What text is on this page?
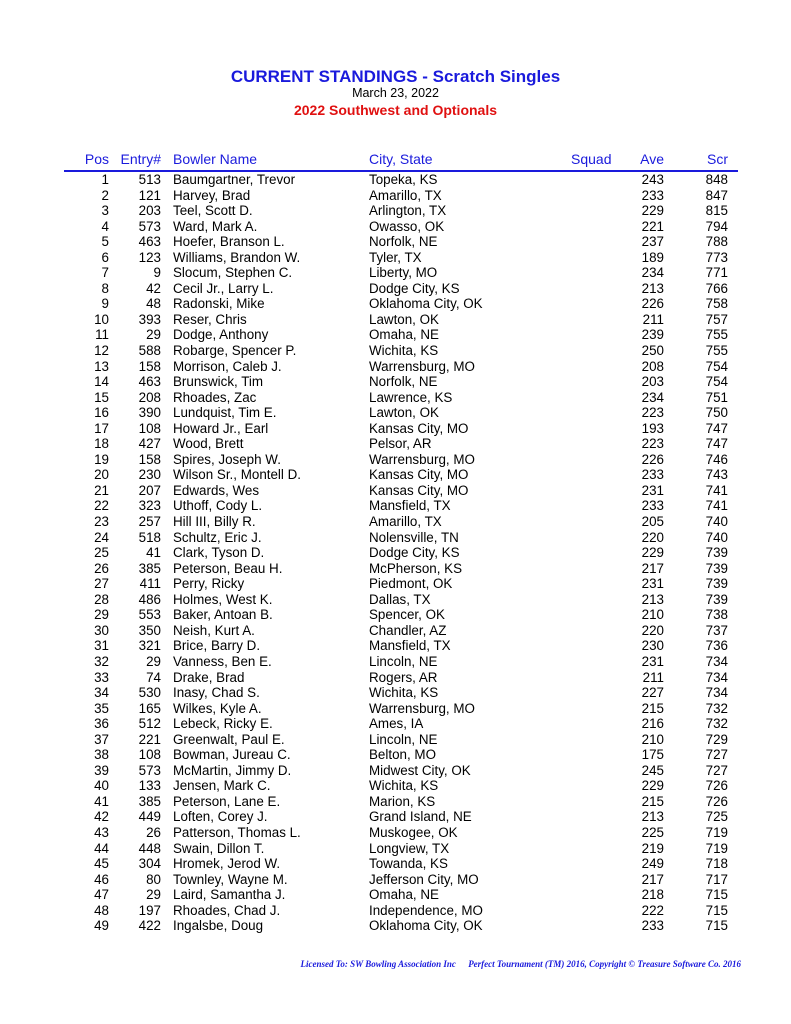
CURRENT STANDINGS - Scratch Singles
March 23, 2022
2022 Southwest and Optionals
Pos Entry# Bowler Name	City, State	Squad Ave	Scr
1 513 Baumgartner, Trevor	Topeka, KS	243	848
2 121 Harvey, Brad	Amarillo, TX	233	847
3 203 Teel, Scott D.	Arlington, TX	229	815
4 573 Ward, Mark A.	Owasso, OK	221	794
5 463 Hoefer, Branson L.	Norfolk, NE	237	788
6 123 Williams, Brandon W.	Tyler, TX	189	773
7	9 Slocum, Stephen C.	Liberty, MO	234	771
8	42 Cecil Jr., Larry L.	Dodge City, KS	213	766
9	48 Radonski, Mike	Oklahoma City, OK	226	758
10 393 Reser, Chris	Lawton, OK	211	757
11	29 Dodge, Anthony	Omaha, NE	239	755
12 588 Robarge, Spencer P.	Wichita, KS	250	755
13 158 Morrison, Caleb J.	Warrensburg, MO	208	754
14 463 Brunswick, Tim	Norfolk, NE	203	754
15 208 Rhoades, Zac	Lawrence, KS	234	751
16 390 Lundquist, Tim E.	Lawton, OK	223	750
17 108 Howard Jr., Earl	Kansas City, MO	193	747
18 427 Wood, Brett	Pelsor, AR	223	747
19 158 Spires, Joseph W.	Warrensburg, MO	226	746
20 230 Wilson Sr., Montell D.	Kansas City, MO	233	743
21 207 Edwards, Wes	Kansas City, MO	231	741
22 323 Uthoff, Cody L.	Mansfield, TX	233	741
23 257 Hill III, Billy R.	Amarillo, TX	205	740
24 518 Schultz, Eric J.	Nolensville, TN	220	740
25	41 Clark, Tyson D.	Dodge City, KS	229	739
26 385 Peterson, Beau H.	McPherson, KS	217	739
27 411 Perry, Ricky	Piedmont, OK	231	739
28 486 Holmes, West K.	Dallas, TX	213	739
29 553 Baker, Antoan B.	Spencer, OK	210	738
30 350 Neish, Kurt A.	Chandler, AZ	220	737
31 321 Brice, Barry D.	Mansfield, TX	230	736
32	29 Vanness, Ben E.	Lincoln, NE	231	734
33	74 Drake, Brad	Rogers, AR	211	734
34 530 Inasy, Chad S.	Wichita, KS	227	734
35 165 Wilkes, Kyle A.	Warrensburg, MO	215	732
36 512 Lebeck, Ricky E.	Ames, IA	216	732
37 221 Greenwalt, Paul E.	Lincoln, NE	210	729
38 108 Bowman, Jureau C.	Belton, MO	175	727
39 573 McMartin, Jimmy D.	Midwest City, OK	245	727
40 133 Jensen, Mark C.	Wichita, KS	229	726
41 385 Peterson, Lane E.	Marion, KS	215	726
42 449 Loften, Corey J.	Grand Island, NE	213	725
43	26 Patterson, Thomas L.	Muskogee, OK	225	719
44 448 Swain, Dillon T.	Longview, TX	219	719
45 304 Hromek, Jerod W.	Towanda, KS	249	718
46	80 Townley, Wayne M.	Jefferson City, MO	217	717
47	29 Laird, Samantha J.	Omaha, NE	218	715
48 197 Rhoades, Chad J.	Independence, MO	222	715
49 422 Ingalsbe, Doug	Oklahoma City, OK	233	715
Licensed To: SW Bowling Association Inc Perfect Tournament (TM) 2016, Copyright © Treasure Software Co. 2016
